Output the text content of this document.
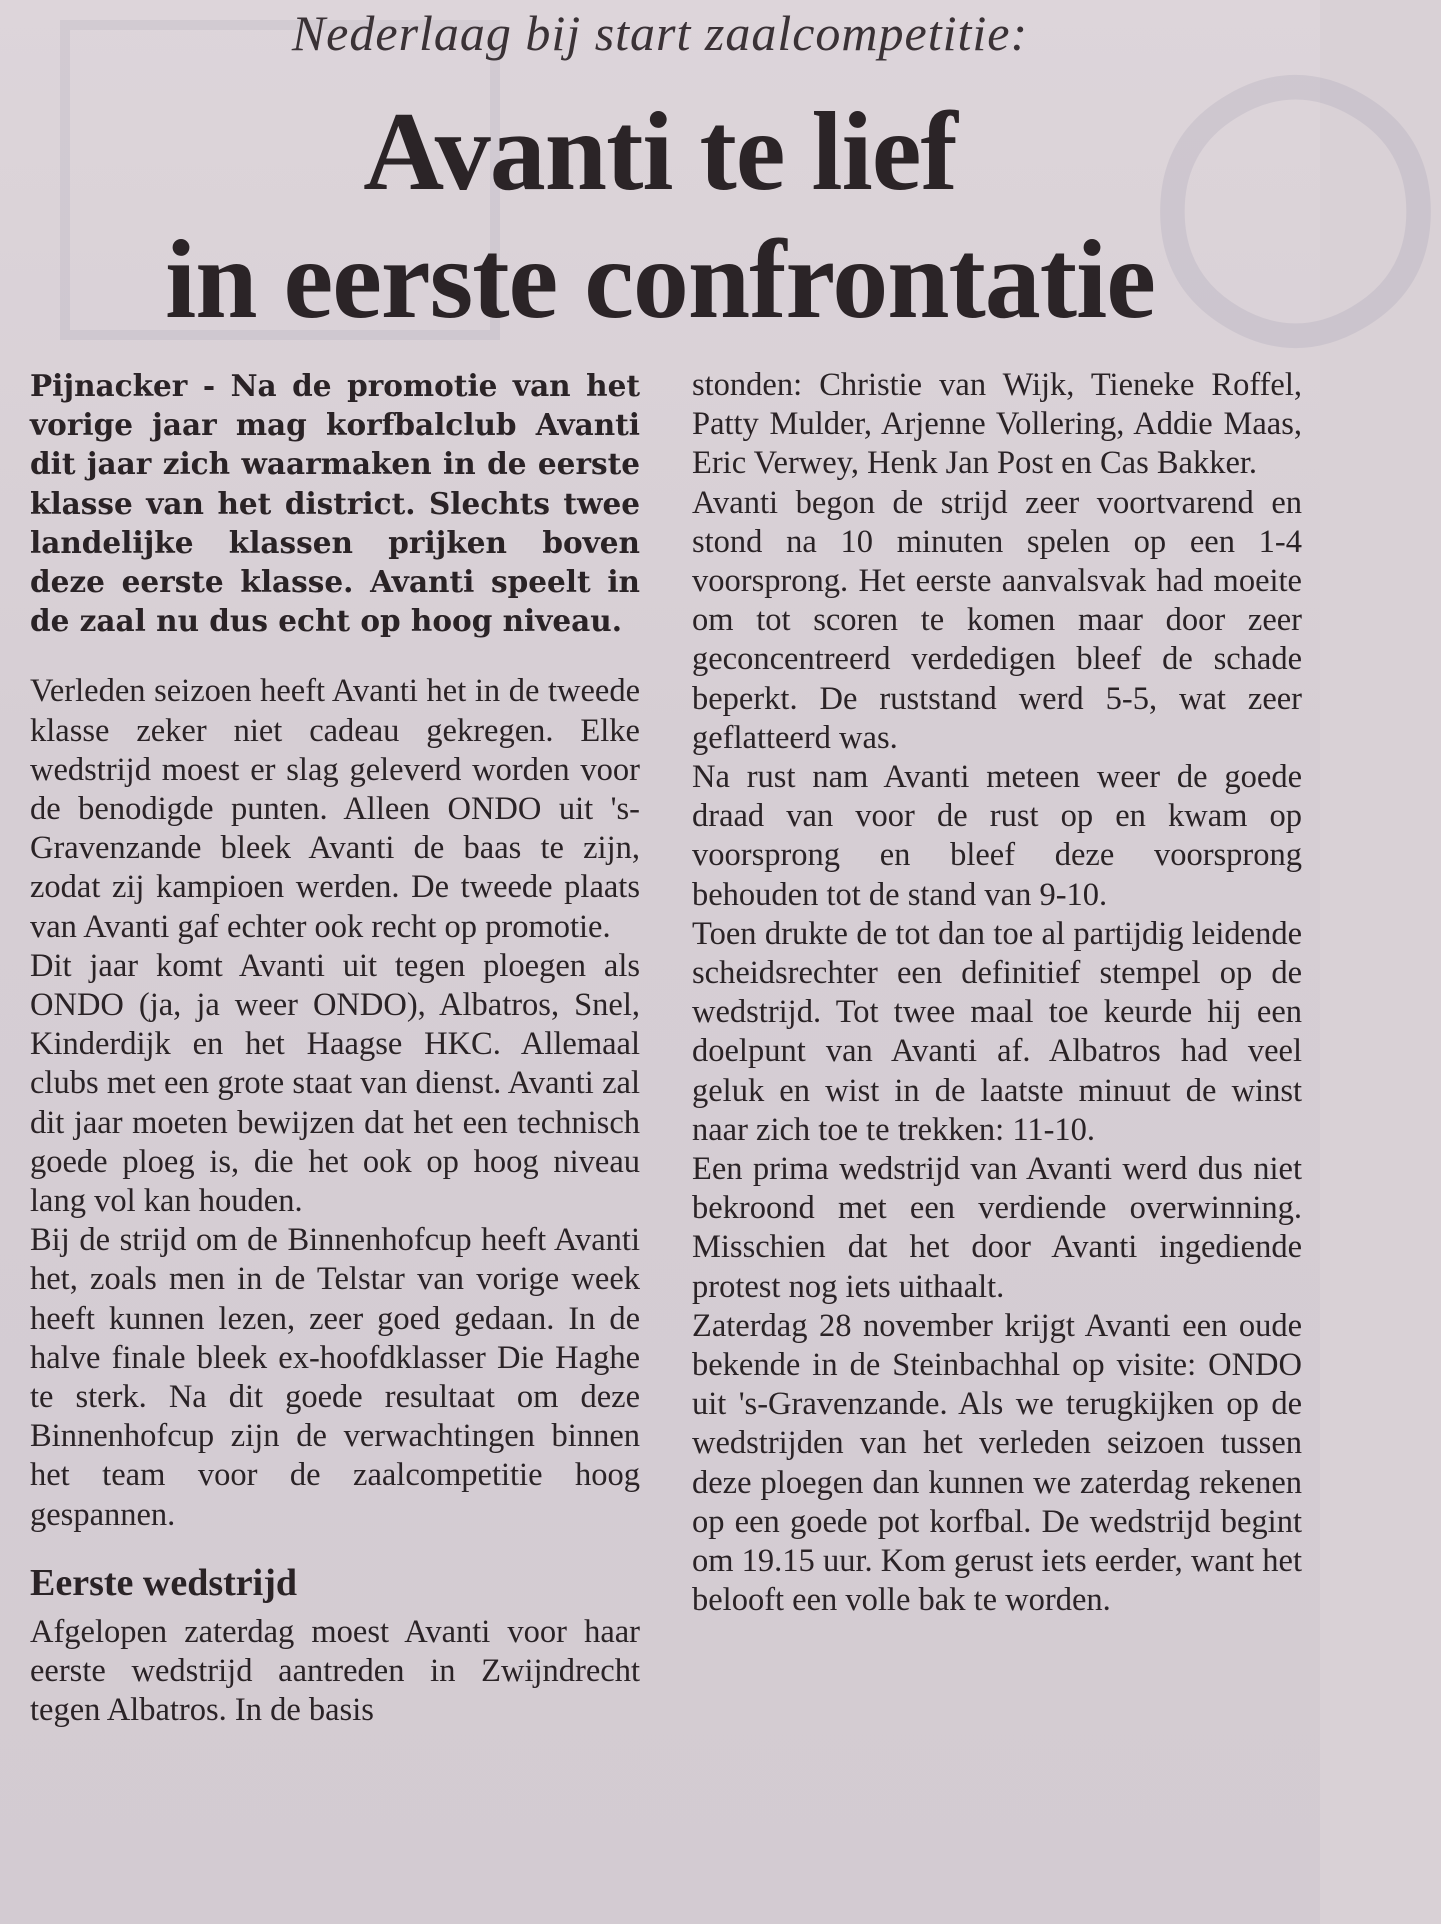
◯
Nederlaag bij start zaalcompetitie:
Avanti te lief
in eerste confrontatie

Pijnacker - Na de promotie van het vorige jaar mag korfbalclub Avanti dit jaar zich waarmaken in de eerste klasse van het district. Slechts twee landelijke klassen prijken boven deze eerste klasse. Avanti speelt in de zaal nu dus echt op hoog niveau.

Verleden seizoen heeft Avanti het in de tweede klasse zeker niet cadeau gekregen. Elke wedstrijd moest er slag geleverd worden voor de benodigde punten. Alleen ONDO uit 's-Gravenzande bleek Avanti de baas te zijn, zodat zij kampioen werden. De tweede plaats van Avanti gaf echter ook recht op promotie.

Dit jaar komt Avanti uit tegen ploegen als ONDO (ja, ja weer ONDO), Albatros, Snel, Kinderdijk en het Haagse HKC. Allemaal clubs met een grote staat van dienst. Avanti zal dit jaar moeten bewijzen dat het een technisch goede ploeg is, die het ook op hoog niveau lang vol kan houden.

Bij de strijd om de Binnenhofcup heeft Avanti het, zoals men in de Telstar van vorige week heeft kunnen lezen, zeer goed gedaan. In de halve finale bleek ex-hoofdklasser Die Haghe te sterk. Na dit goede resultaat om deze Binnenhofcup zijn de verwachtingen binnen het team voor de zaalcompetitie hoog gespannen.

Eerste wedstrijd

Afgelopen zaterdag moest Avanti voor haar eerste wedstrijd aantreden in Zwijndrecht tegen Albatros. In de basis

stonden: Christie van Wijk, Tieneke Roffel, Patty Mulder, Arjenne Vollering, Addie Maas, Eric Verwey, Henk Jan Post en Cas Bakker.

Avanti begon de strijd zeer voortvarend en stond na 10 minuten spelen op een 1-4 voorsprong. Het eerste aanvalsvak had moeite om tot scoren te komen maar door zeer geconcentreerd verdedigen bleef de schade beperkt. De ruststand werd 5-5, wat zeer geflatteerd was.

Na rust nam Avanti meteen weer de goede draad van voor de rust op en kwam op voorsprong en bleef deze voorsprong behouden tot de stand van 9-10.

Toen drukte de tot dan toe al partijdig leidende scheidsrechter een definitief stempel op de wedstrijd. Tot twee maal toe keurde hij een doelpunt van Avanti af. Albatros had veel geluk en wist in de laatste minuut de winst naar zich toe te trekken: 11-10.

Een prima wedstrijd van Avanti werd dus niet bekroond met een verdiende overwinning. Misschien dat het door Avanti ingediende protest nog iets uithaalt.

Zaterdag 28 november krijgt Avanti een oude bekende in de Steinbachhal op visite: ONDO uit 's-Gravenzande. Als we terugkijken op de wedstrijden van het verleden seizoen tussen deze ploegen dan kunnen we zaterdag rekenen op een goede pot korfbal. De wedstrijd begint om 19.15 uur. Kom gerust iets eerder, want het belooft een volle bak te worden.
